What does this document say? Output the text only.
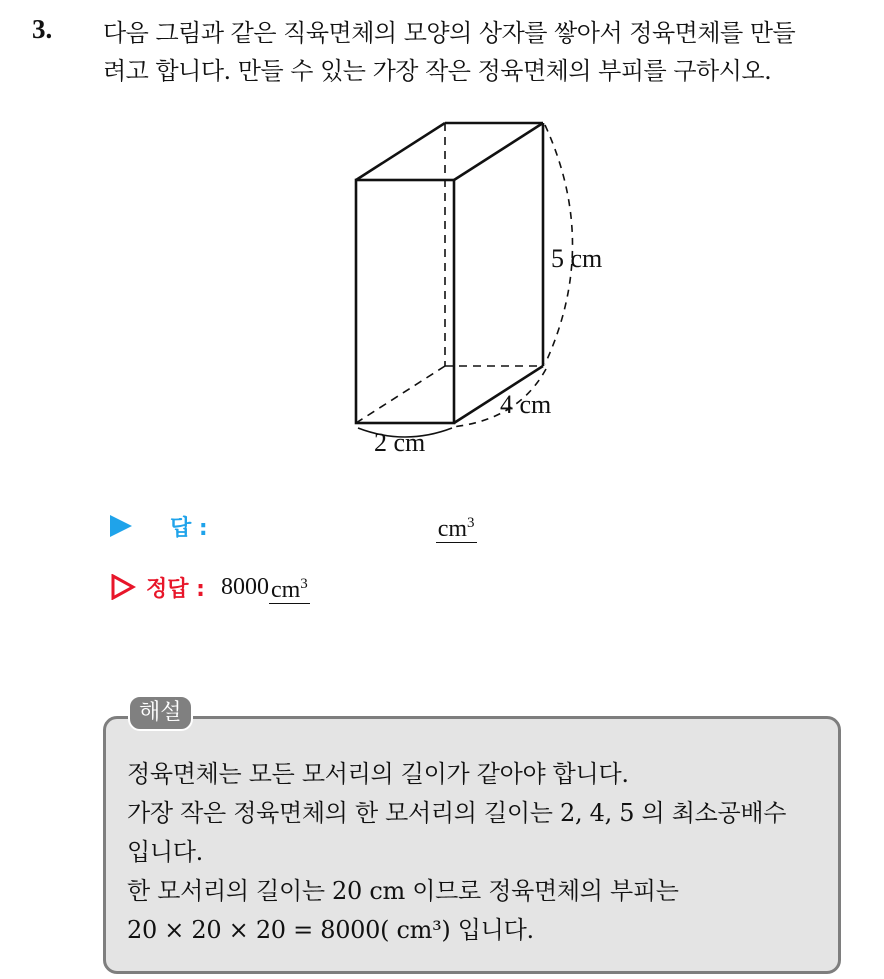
3. 다음 그림과 같은 직육면체의 모양의 상자를 쌓아서 정육면체를 만들
려고 합니다. 만들 수 있는 가장 작은 정육면체의 부피를 구하시오.
5 cm
4 cm
2 cm
답 :	$cm^3$
정답 : 8000 $cm^3$
해설
정육면체는 모든 모서리의 길이가 같아야 합니다.
가장 작은 정육면체의 한 모서리의 길이는 2, 4, 5 의 최소공배수
입니다.
한 모서리의 길이는 20 cm 이므로 정육면체의 부피는
20 × 20 × 20 = 8000( cm³) 입니다.
